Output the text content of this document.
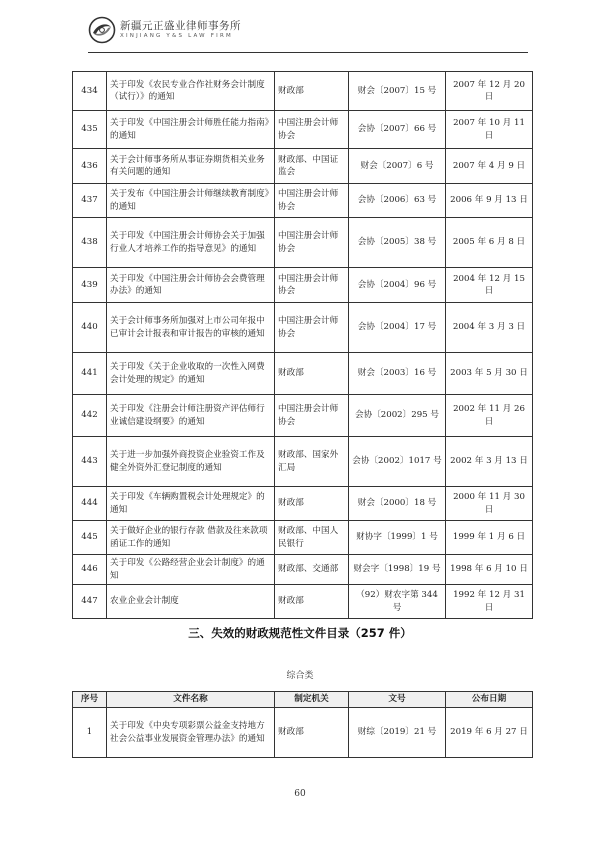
新疆元正盛业律师事务所
XINJIANG Y&S LAW FIRM
434	关于印发《农民专业合作社财务会计制度（试行）》的通知	财政部	财会〔2007〕15 号	2007 年 12 月 20 日
435	关于印发《中国注册会计师胜任能力指南》的通知	中国注册会计师协会	会协〔2007〕66 号	2007 年 10 月 11 日
436	关于会计师事务所从事证券期货相关业务有关问题的通知	财政部、中国证监会	财会〔2007〕6 号	2007 年 4 月 9 日
437	关于发布《中国注册会计师继续教育制度》的通知	中国注册会计师协会	会协〔2006〕63 号	2006 年 9 月 13 日
438	关于印发《中国注册会计师协会关于加强行业人才培养工作的指导意见》的通知	中国注册会计师协会	会协〔2005〕38 号	2005 年 6 月 8 日
439	关于印发《中国注册会计师协会会费管理办法》的通知	中国注册会计师协会	会协〔2004〕96 号	2004 年 12 月 15 日
440	关于会计师事务所加强对上市公司年报中已审计会计报表和审计报告的审核的通知	中国注册会计师协会	会协〔2004〕17 号	2004 年 3 月 3 日
441	关于印发《关于企业收取的一次性入网费会计处理的规定》的通知	财政部	财会〔2003〕16 号	2003 年 5 月 30 日
442	关于印发《注册会计师注册资产评估师行业诚信建设纲要》的通知	中国注册会计师协会	会协〔2002〕295 号	2002 年 11 月 26 日
443	关于进一步加强外商投资企业验资工作及健全外资外汇登记制度的通知	财政部、国家外汇局	会协〔2002〕1017 号	2002 年 3 月 13 日
444	关于印发《车辆购置税会计处理规定》的通知	财政部	财会〔2000〕18 号	2000 年 11 月 30 日
445	关于做好企业的银行存款 借款及往来款项函证工作的通知	财政部、中国人民银行	财协字〔1999〕1 号	1999 年 1 月 6 日
446	关于印发《公路经营企业会计制度》的通知	财政部、交通部	财会字〔1998〕19 号	1998 年 6 月 10 日
447	农业企业会计制度	财政部	（92）财农字第 344 号	1992 年 12 月 31 日
三、失效的财政规范性文件目录（257 件）
综合类
序号	文件名称	制定机关	文号	公布日期
1	关于印发《中央专项彩票公益金支持地方社会公益事业发展资金管理办法》的通知	财政部	财综〔2019〕21 号	2019 年 6 月 27 日
60
